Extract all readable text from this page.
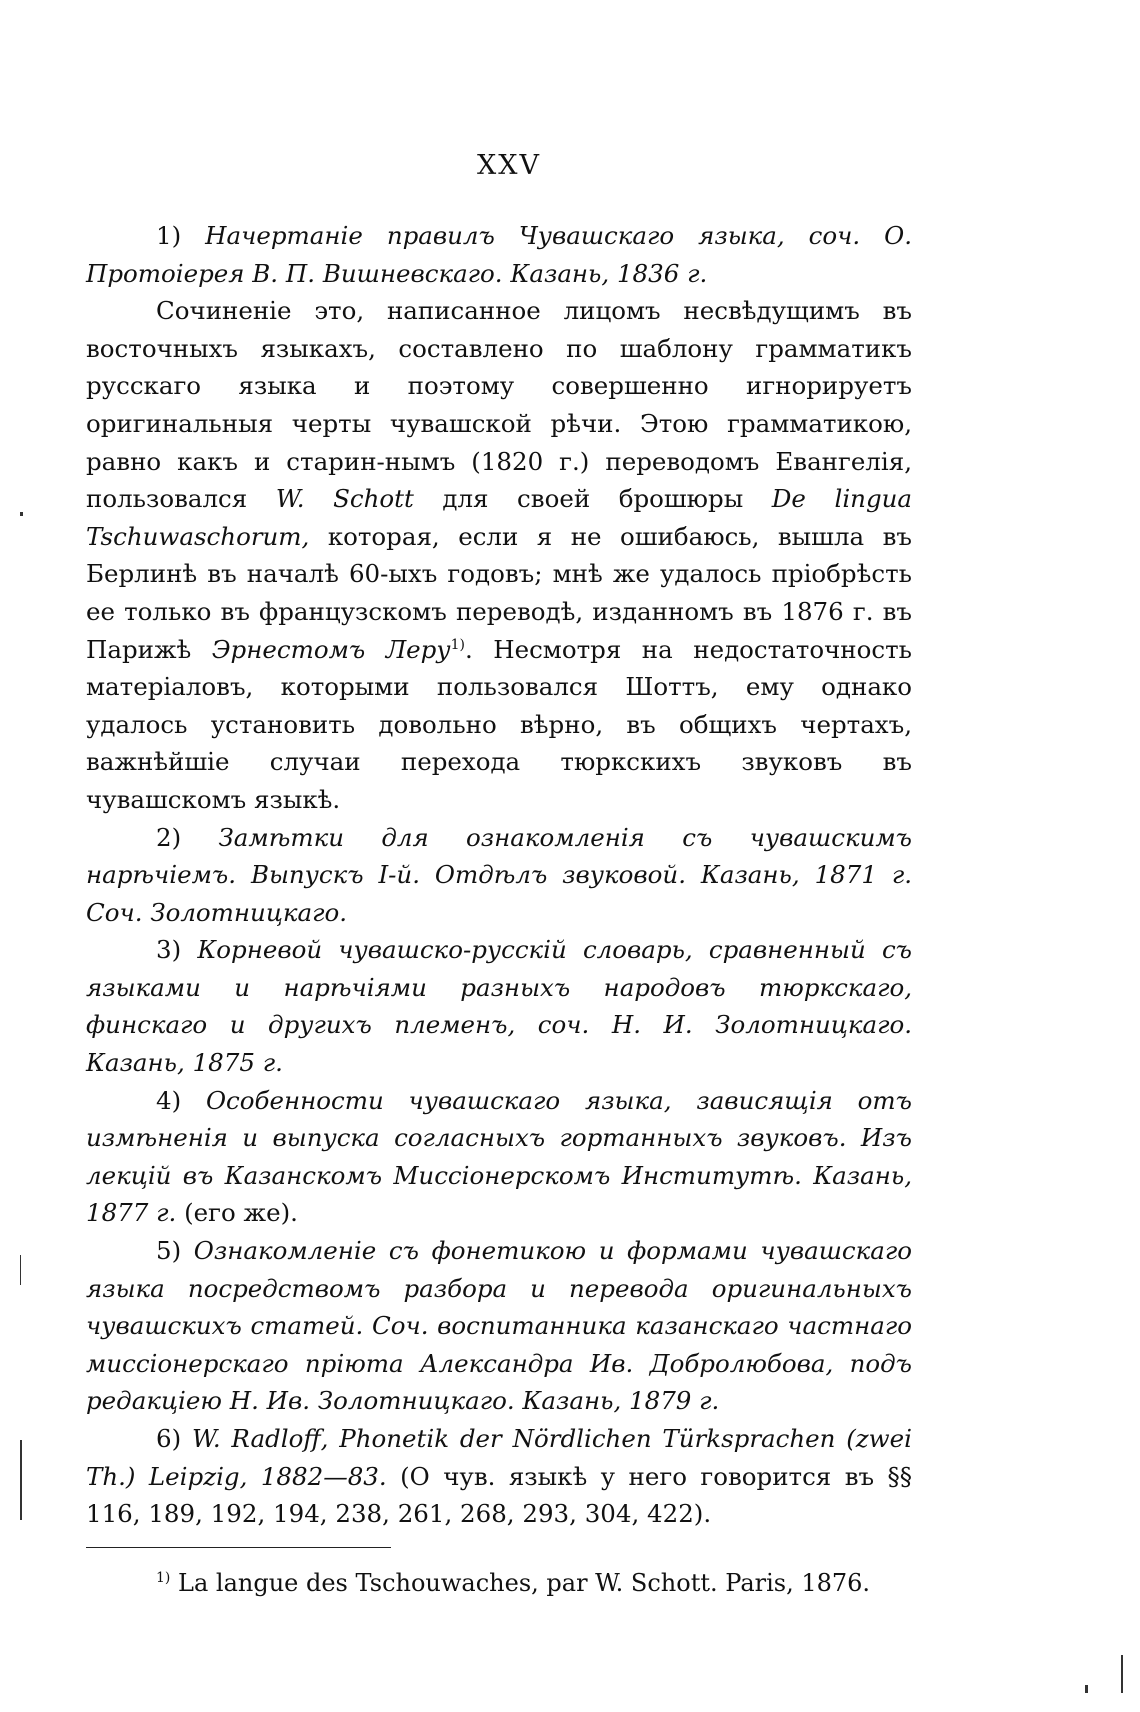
XXV

1) Начертаніе правилъ Чувашскаго языка, соч. О. Протоіерея В. П. Вишневскаго. Казань, 1836 г.

Сочиненіе это, написанное лицомъ несвѣдущимъ въ восточныхъ языкахъ, составлено по шаблону грамматикъ русскаго языка и поэтому совершенно игнорируетъ оригинальныя черты чувашской рѣчи. Этою грамматикою, равно какъ и старин-нымъ (1820 г.) переводомъ Евангелія, пользовался W. Schott для своей брошюры De lingua Tschuwaschorum, которая, если я не ошибаюсь, вышла въ Берлинѣ въ началѣ 60-ыхъ годовъ; мнѣ же удалось пріобрѣсть ее только въ французскомъ переводѣ, изданномъ въ 1876 г. въ Парижѣ Эрнестомъ Леру$^{1)}$. Несмотря на недостаточность матеріаловъ, которыми пользовался Шоттъ, ему однако удалось установить довольно вѣрно, въ общихъ чертахъ, важнѣйшіе случаи перехода тюркскихъ звуковъ въ чувашскомъ языкѣ.

2) Замѣтки для ознакомленія съ чувашскимъ нарѣчіемъ. Выпускъ І-й. Отдѣлъ звуковой. Казань, 1871 г. Соч. Золотницкаго.

3) Корневой чувашско-русскій словарь, сравненный съ языками и нарѣчіями разныхъ народовъ тюркскаго, финскаго и другихъ племенъ, соч. Н. И. Золотницкаго. Казань, 1875 г.

4) Особенности чувашскаго языка, зависящія отъ измѣненія и выпуска согласныхъ гортанныхъ звуковъ. Изъ лекцій въ Казанскомъ Миссіонерскомъ Институтѣ. Казань, 1877 г. (его же).

5) Ознакомленіе съ фонетикою и формами чувашскаго языка посредствомъ разбора и перевода оригинальныхъ чувашскихъ статей. Соч. воспитанника казанскаго частнаго миссіонерскаго пріюта Александра Ив. Добролюбова, подъ редакціею Н. Ив. Золотницкаго. Казань, 1879 г.

6) W. Radloff, Phonetik der Nördlichen Türksprachen (zwei Th.) Leipzig, 1882—83. (О чув. языкѣ у него говорится въ §§ 116, 189, 192, 194, 238, 261, 268, 293, 304, 422).

$^{1)}$ La langue des Tschouwaches, par W. Schott. Paris, 1876.
